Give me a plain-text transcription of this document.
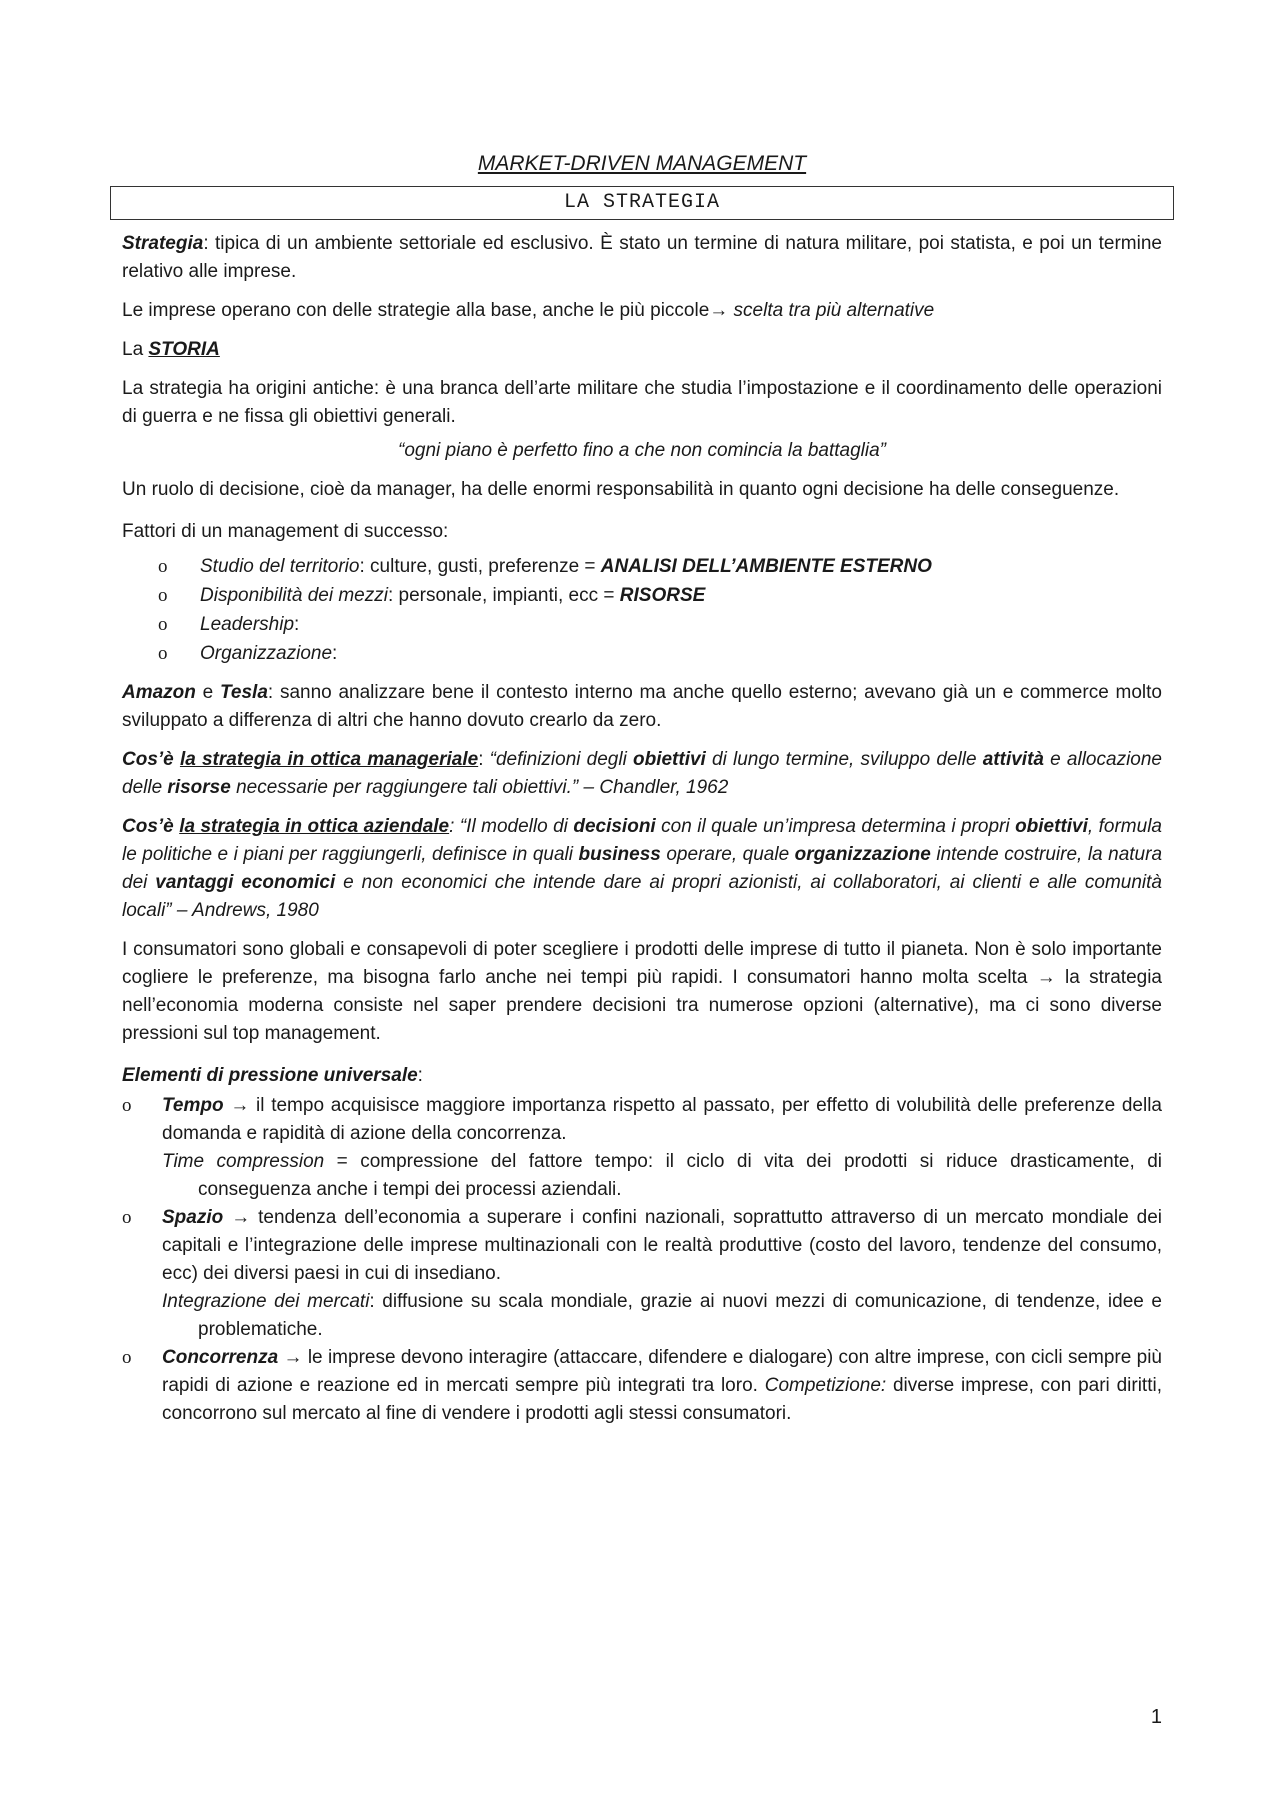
MARKET-DRIVEN MANAGEMENT

LA STRATEGIA

Strategia: tipica di un ambiente settoriale ed esclusivo. È stato un termine di natura militare, poi statista, e poi un termine relativo alle imprese.

Le imprese operano con delle strategie alla base, anche le più piccole→ scelta tra più alternative

La STORIA

La strategia ha origini antiche: è una branca dell’arte militare che studia l’impostazione e il coordinamento delle operazioni di guerra e ne fissa gli obiettivi generali.

“ogni piano è perfetto fino a che non comincia la battaglia”

Un ruolo di decisione, cioè da manager, ha delle enormi responsabilità in quanto ogni decisione ha delle conseguenze.

Fattori di un management di successo:

o Studio del territorio: culture, gusti, preferenze = ANALISI DELL’AMBIENTE ESTERNO
o Disponibilità dei mezzi: personale, impianti, ecc = RISORSE
o Leadership:
o Organizzazione:

Amazon e Tesla: sanno analizzare bene il contesto interno ma anche quello esterno; avevano già un e commerce molto sviluppato a differenza di altri che hanno dovuto crearlo da zero.

Cos’è la strategia in ottica manageriale: “definizioni degli obiettivi di lungo termine, sviluppo delle attività e allocazione delle risorse necessarie per raggiungere tali obiettivi.” – Chandler, 1962

Cos’è la strategia in ottica aziendale: “Il modello di decisioni con il quale un’impresa determina i propri obiettivi, formula le politiche e i piani per raggiungerli, definisce in quali business operare, quale organizzazione intende costruire, la natura dei vantaggi economici e non economici che intende dare ai propri azionisti, ai collaboratori, ai clienti e alle comunità locali” – Andrews, 1980

I consumatori sono globali e consapevoli di poter scegliere i prodotti delle imprese di tutto il pianeta. Non è solo importante cogliere le preferenze, ma bisogna farlo anche nei tempi più rapidi. I consumatori hanno molta scelta → la strategia nell’economia moderna consiste nel saper prendere decisioni tra numerose opzioni (alternative), ma ci sono diverse pressioni sul top management.

Elementi di pressione universale:

o Tempo → il tempo acquisisce maggiore importanza rispetto al passato, per effetto di volubilità delle preferenze della domanda e rapidità di azione della concorrenza.

Time compression = compressione del fattore tempo: il ciclo di vita dei prodotti si riduce drasticamente, di conseguenza anche i tempi dei processi aziendali.

o Spazio → tendenza dell’economia a superare i confini nazionali, soprattutto attraverso di un mercato mondiale dei capitali e l’integrazione delle imprese multinazionali con le realtà produttive (costo del lavoro, tendenze del consumo, ecc) dei diversi paesi in cui di insediano.

Integrazione dei mercati: diffusione su scala mondiale, grazie ai nuovi mezzi di comunicazione, di tendenze, idee e problematiche.

o Concorrenza → le imprese devono interagire (attaccare, difendere e dialogare) con altre imprese, con cicli sempre più rapidi di azione e reazione ed in mercati sempre più integrati tra loro. Competizione: diverse imprese, con pari diritti, concorrono sul mercato al fine di vendere i prodotti agli stessi consumatori.

1
